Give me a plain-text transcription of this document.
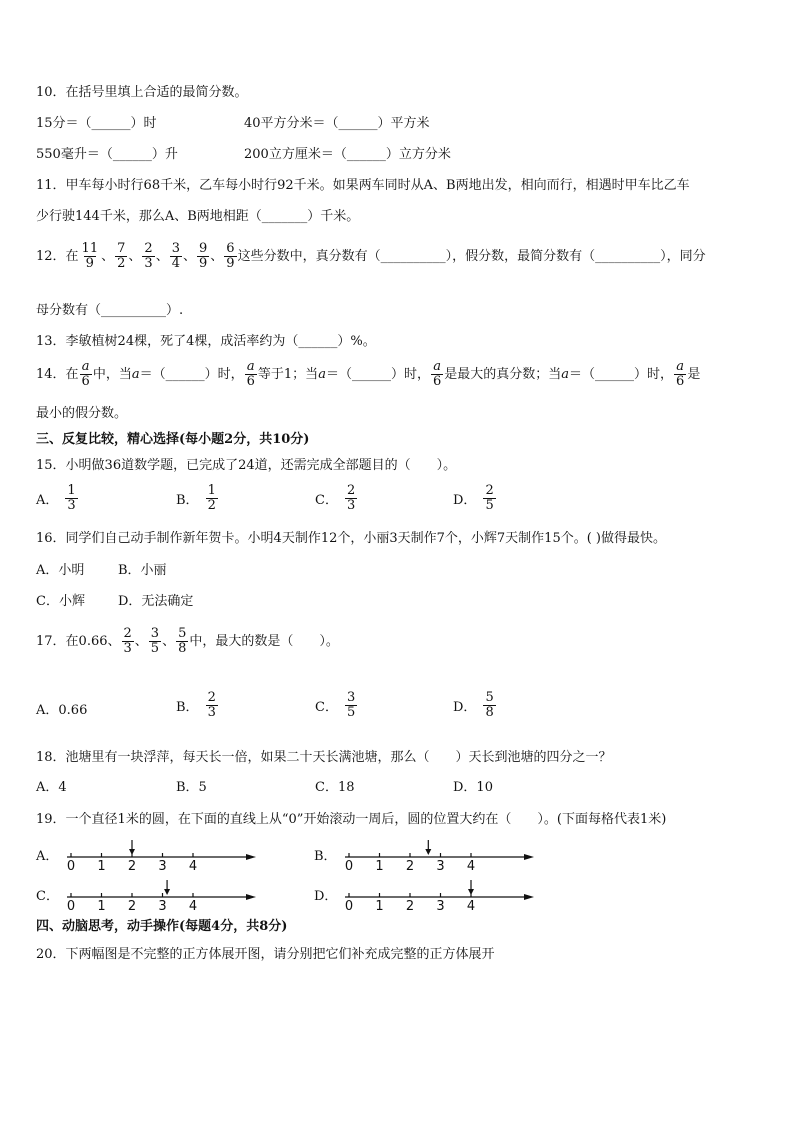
10．在括号里填上合适的最简分数。
15分＝（______）时	40平方分米＝（______）平方米
550毫升＝（______）升	200立方厘米＝（______）立方分米
11．甲车每小时行68千米，乙车每小时行92千米。如果两车同时从A、B两地出发，相向而行，相遇时甲车比乙车
少行驶144千米，那么A、B两地相距（_______）千米。
12．在 $\frac{11}{9}$ 、 $\frac{7}{2}$ 、 $\frac{2}{3}$ 、 $\frac{3}{4}$ 、 $\frac{9}{9}$ 、 $\frac{6}{9}$ 这些分数中，真分数有（__________），假分数，最简分数有（__________），同分
母分数有（__________）.
13．李敏植树24棵，死了4棵，成活率约为（______）%。
14．在 $\frac{a}{6}$ 中，当 a ＝（______）时， $\frac{a}{6}$ 等于1；当 a ＝（______）时， $\frac{a}{6}$ 是最大的真分数；当 a ＝（______）时， $\frac{a}{6}$ 是
最小的假分数。
三、反复比较，精心选择(每小题2分，共10分)
15．小明做36道数学题，已完成了24道，还需完成全部题目的（　　）。
A． $\frac{1}{3}$	B． $\frac{1}{2}$	C． $\frac{2}{3}$	D． $\frac{2}{5}$
16．同学们自己动手制作新年贺卡。小明4天制作12个，小丽3天制作7个，小辉7天制作15个。( )做得最快。
A．小明	B．小丽
C．小辉	D．无法确定
17．在0.66、 $\frac{2}{3}$ 、 $\frac{3}{5}$ 、 $\frac{5}{8}$ 中，最大的数是（　　）。
A．0.66	B． $\frac{2}{3}$	C． $\frac{3}{5}$	D． $\frac{5}{8}$
18．池塘里有一块浮萍，每天长一倍，如果二十天长满池塘，那么（　　）天长到池塘的四分之一？
A．4	B．5	C．18	D．10
19．一个直径1米的圆，在下面的直线上从“0”开始滚动一周后，圆的位置大约在（　　）。(下面每格代表1米)
A．
0 1 2 3 4
B．
0 1 2 3 4
C．
0 1 2 3 4
D．
0 1 2 3 4
四、动脑思考，动手操作(每题4分，共8分)
20．下两幅图是不完整的正方体展开图，请分别把它们补充成完整的正方体展开
